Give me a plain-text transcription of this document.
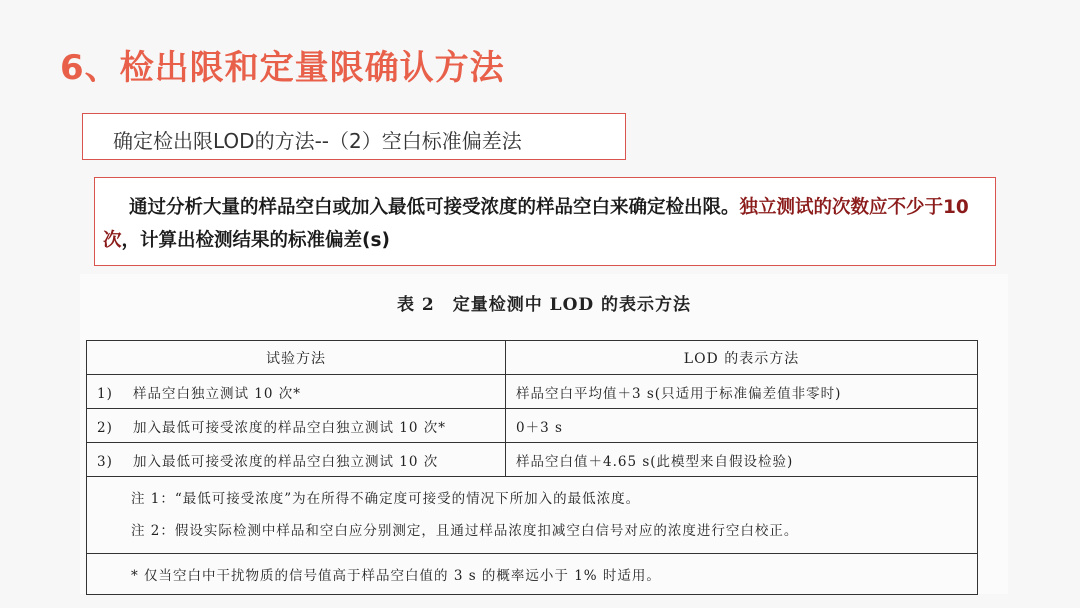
6、检出限和定量限确认方法
确定检出限LOD的方法--（2）空白标准偏差法
通过分析大量的样品空白或加入最低可接受浓度的样品空白来确定检出限。独立测试的次数应不少于10次，计算出检测结果的标准偏差(s)
表 2　定量检测中 LOD 的表示方法
试验方法	LOD 的表示方法
1) 样品空白独立测试 10 次*	样品空白平均值＋3 s(只适用于标准偏差值非零时)
2) 加入最低可接受浓度的样品空白独立测试 10 次*	0＋3 s
3) 加入最低可接受浓度的样品空白独立测试 10 次	样品空白值＋4.65 s(此模型来自假设检验)

注 1：“最低可接受浓度”为在所得不确定度可接受的情况下所加入的最低浓度。
注 2：假设实际检测中样品和空白应分别测定，且通过样品浓度扣减空白信号对应的浓度进行空白校正。	

* 仅当空白中干扰物质的信号值高于样品空白值的 3 s 的概率远小于 1% 时适用。	
